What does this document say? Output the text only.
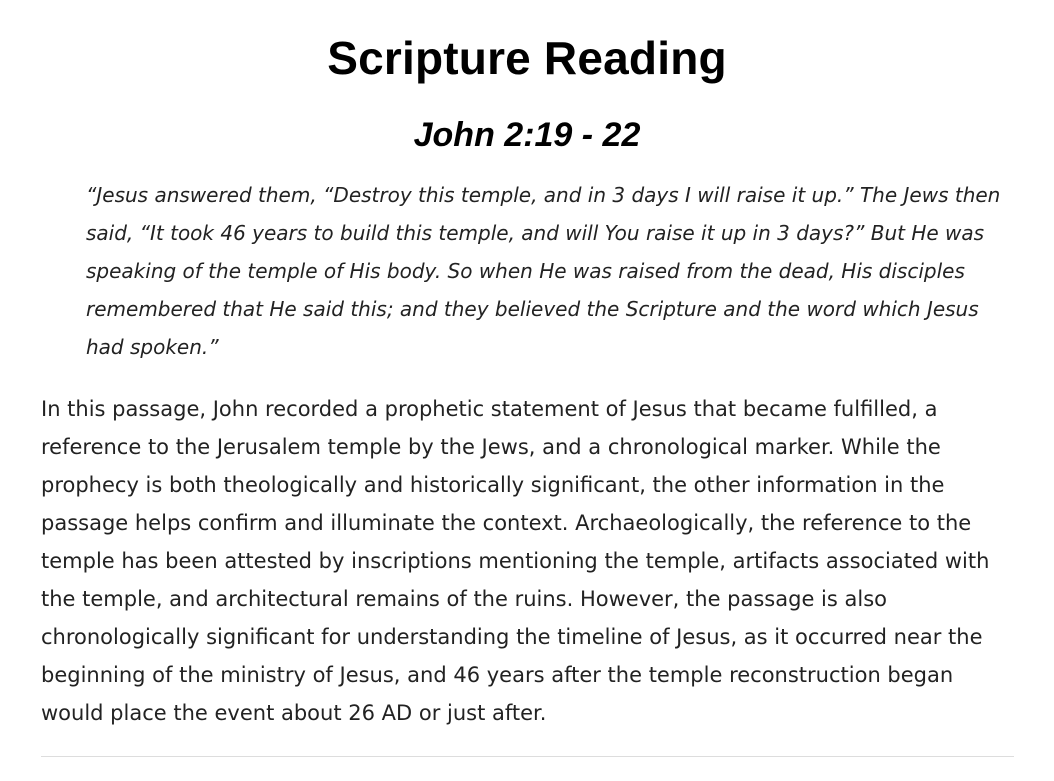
Scripture Reading
John 2:19 - 22

“Jesus answered them, “Destroy this temple, and in 3 days I will raise it up.” The Jews then said, “It took 46 years to build this temple, and will You raise it up in 3 days?” But He was speaking of the temple of His body. So when He was raised from the dead, His disciples remembered that He said this; and they believed the Scripture and the word which Jesus had spoken.”

In this passage, John recorded a prophetic statement of Jesus that became fulfilled, a reference to the Jerusalem temple by the Jews, and a chronological marker. While the prophecy is both theologically and historically significant, the other information in the passage helps confirm and illuminate the context. Archaeologically, the reference to the temple has been attested by inscriptions mentioning the temple, artifacts associated with the temple, and architectural remains of the ruins. However, the passage is also chronologically significant for understanding the timeline of Jesus, as it occurred near the beginning of the ministry of Jesus, and 46 years after the temple reconstruction began would place the event about 26 AD or just after.
